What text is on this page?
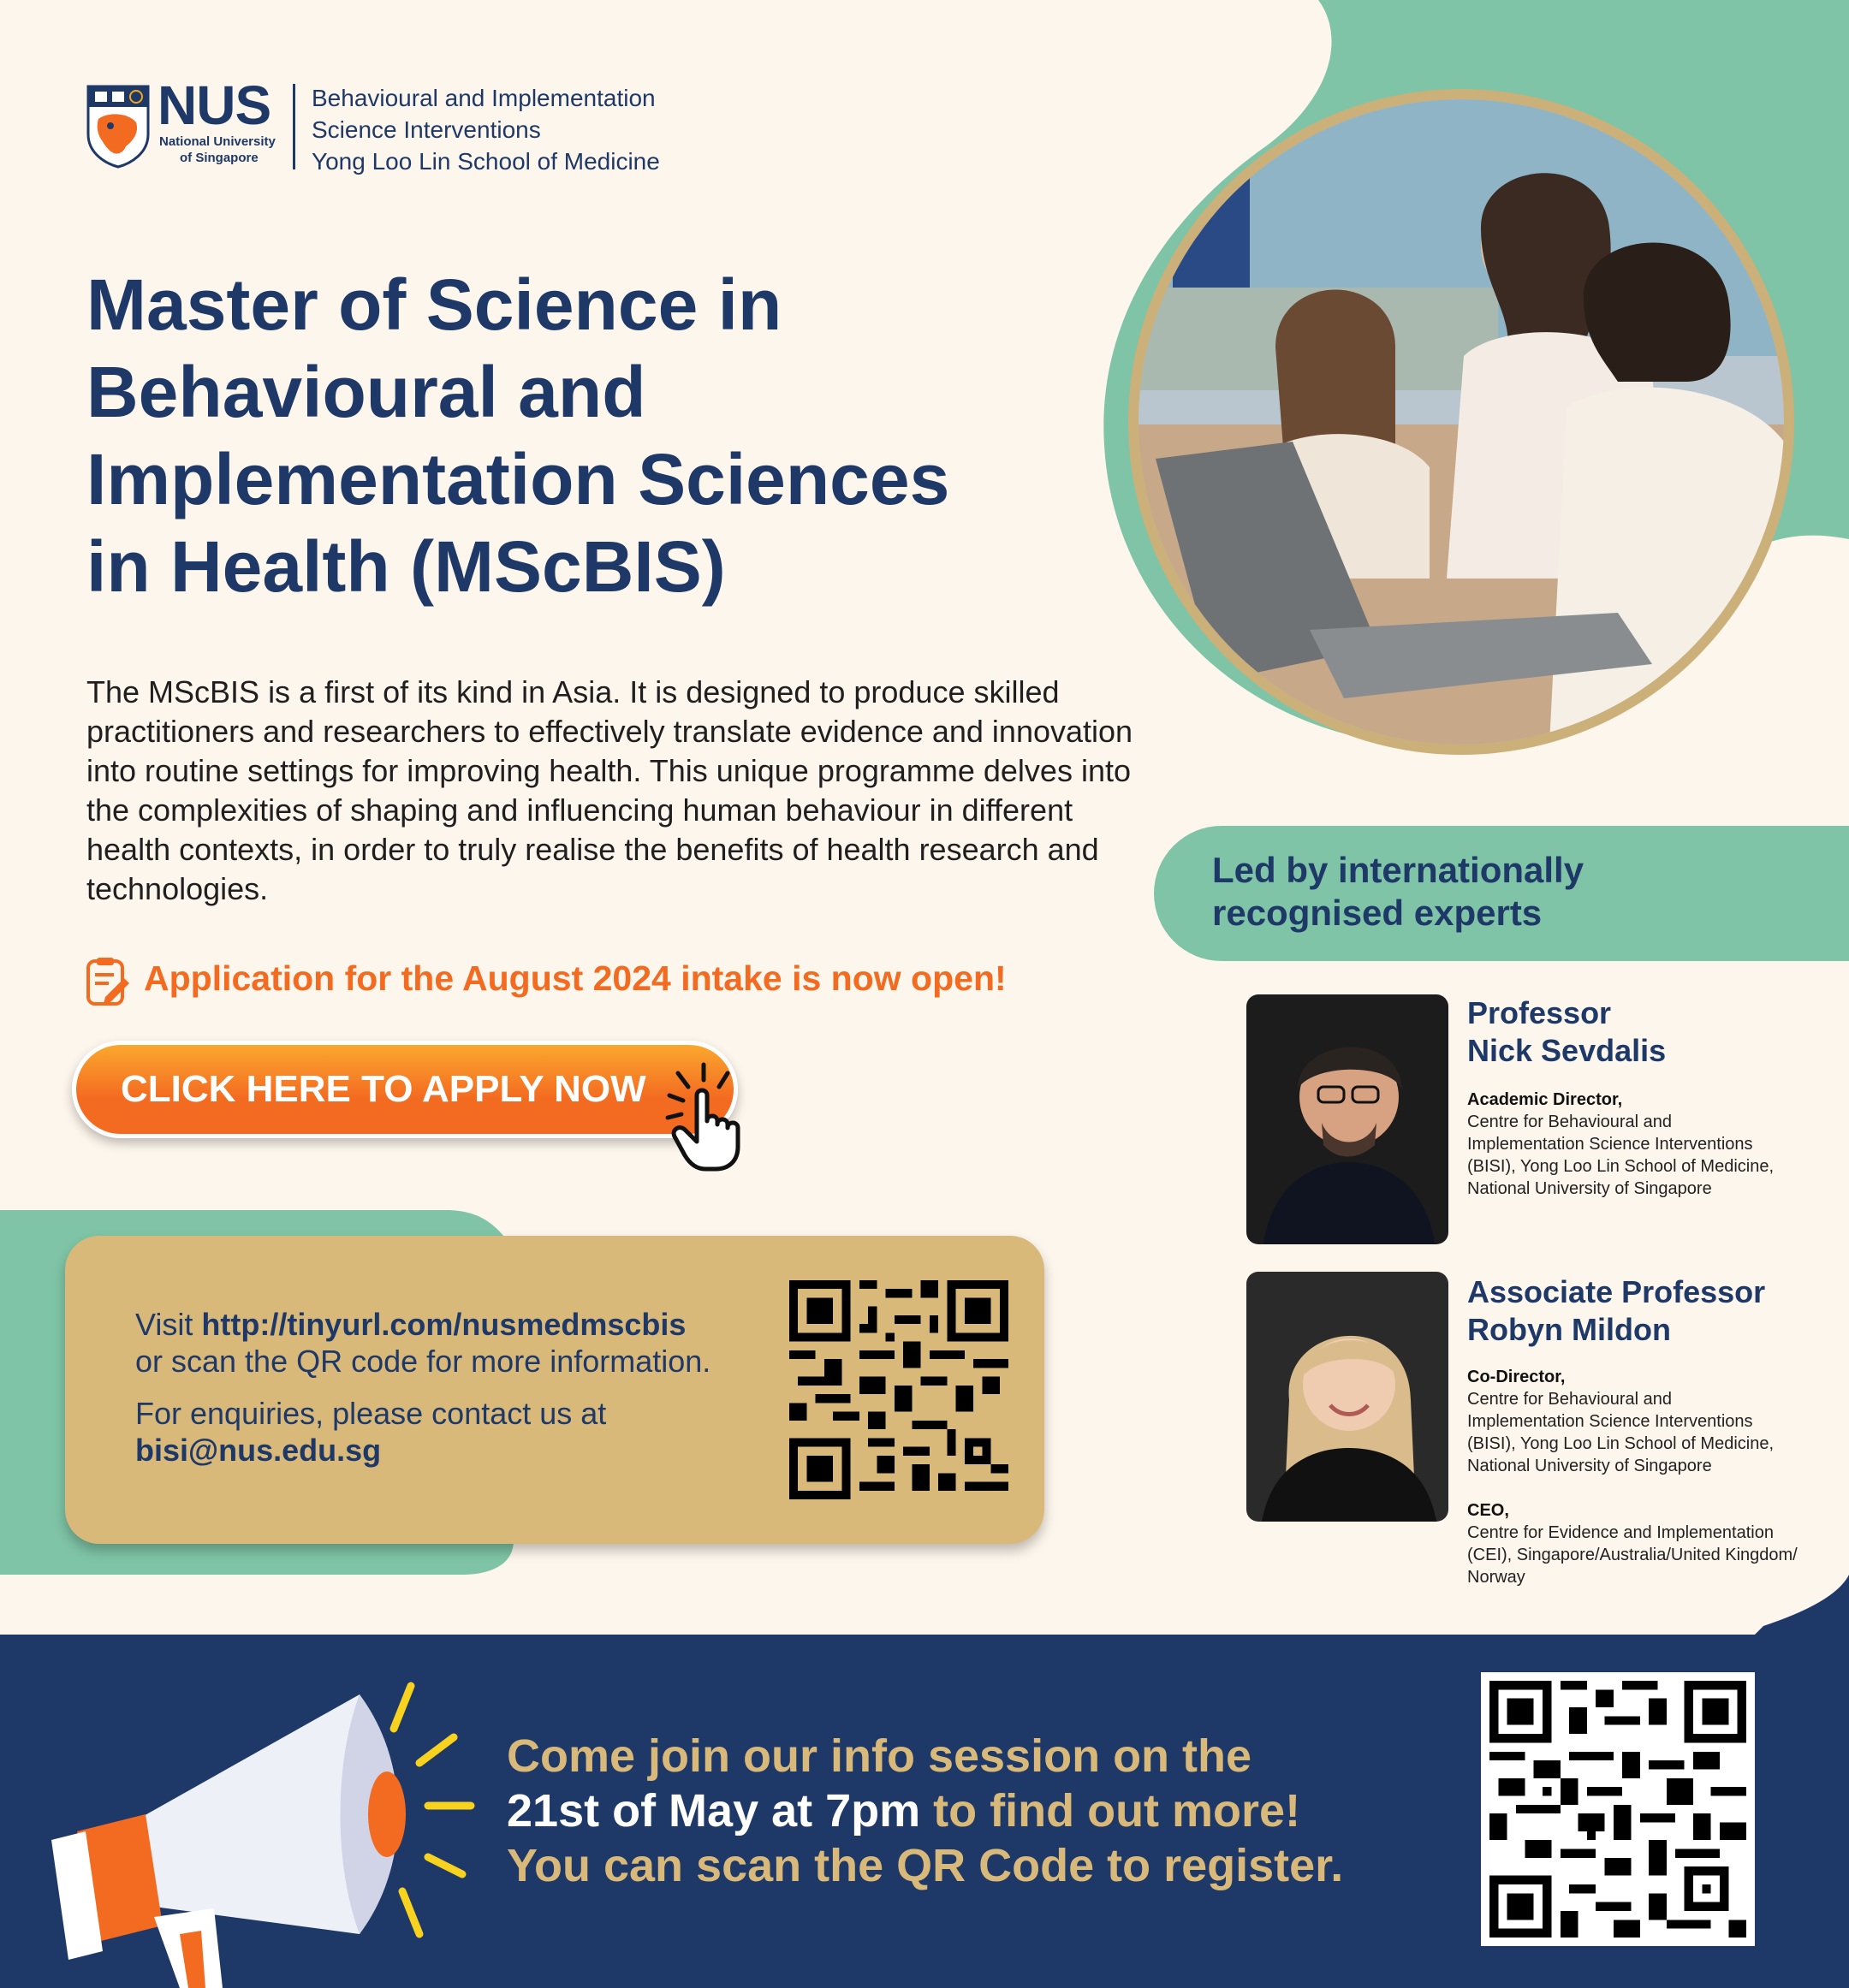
NUS
National University
of Singapore
Behavioural and Implementation
Science Interventions
Yong Loo Lin School of Medicine
Master of Science in
Behavioural and
Implementation Sciences
in Health (MScBIS)
The MScBIS is a first of its kind in Asia. It is designed to produce skilled practitioners and researchers to effectively translate evidence and innovation into routine settings for improving health. This unique programme delves into the complexities of shaping and influencing human behaviour in different health contexts, in order to truly realise the benefits of health research and technologies.
Application for the August 2024 intake is now open!
CLICK HERE TO APPLY NOW
Visit http://tinyurl.com/nusmedmscbis
or scan the QR code for more information.
For enquiries, please contact us at
bisi@nus.edu.sg
Led by internationally
recognised experts
Professor
Nick Sevdalis
Academic Director,
Centre for Behavioural and
Implementation Science Interventions
(BISI), Yong Loo Lin School of Medicine,
National University of Singapore
Associate Professor
Robyn Mildon
Co-Director,
Centre for Behavioural and
Implementation Science Interventions
(BISI), Yong Loo Lin School of Medicine,
National University of Singapore
CEO,
Centre for Evidence and Implementation
(CEI), Singapore/Australia/United Kingdom/
Norway
Come join our info session on the
21st of May at 7pm to find out more!
You can scan the QR Code to register.
